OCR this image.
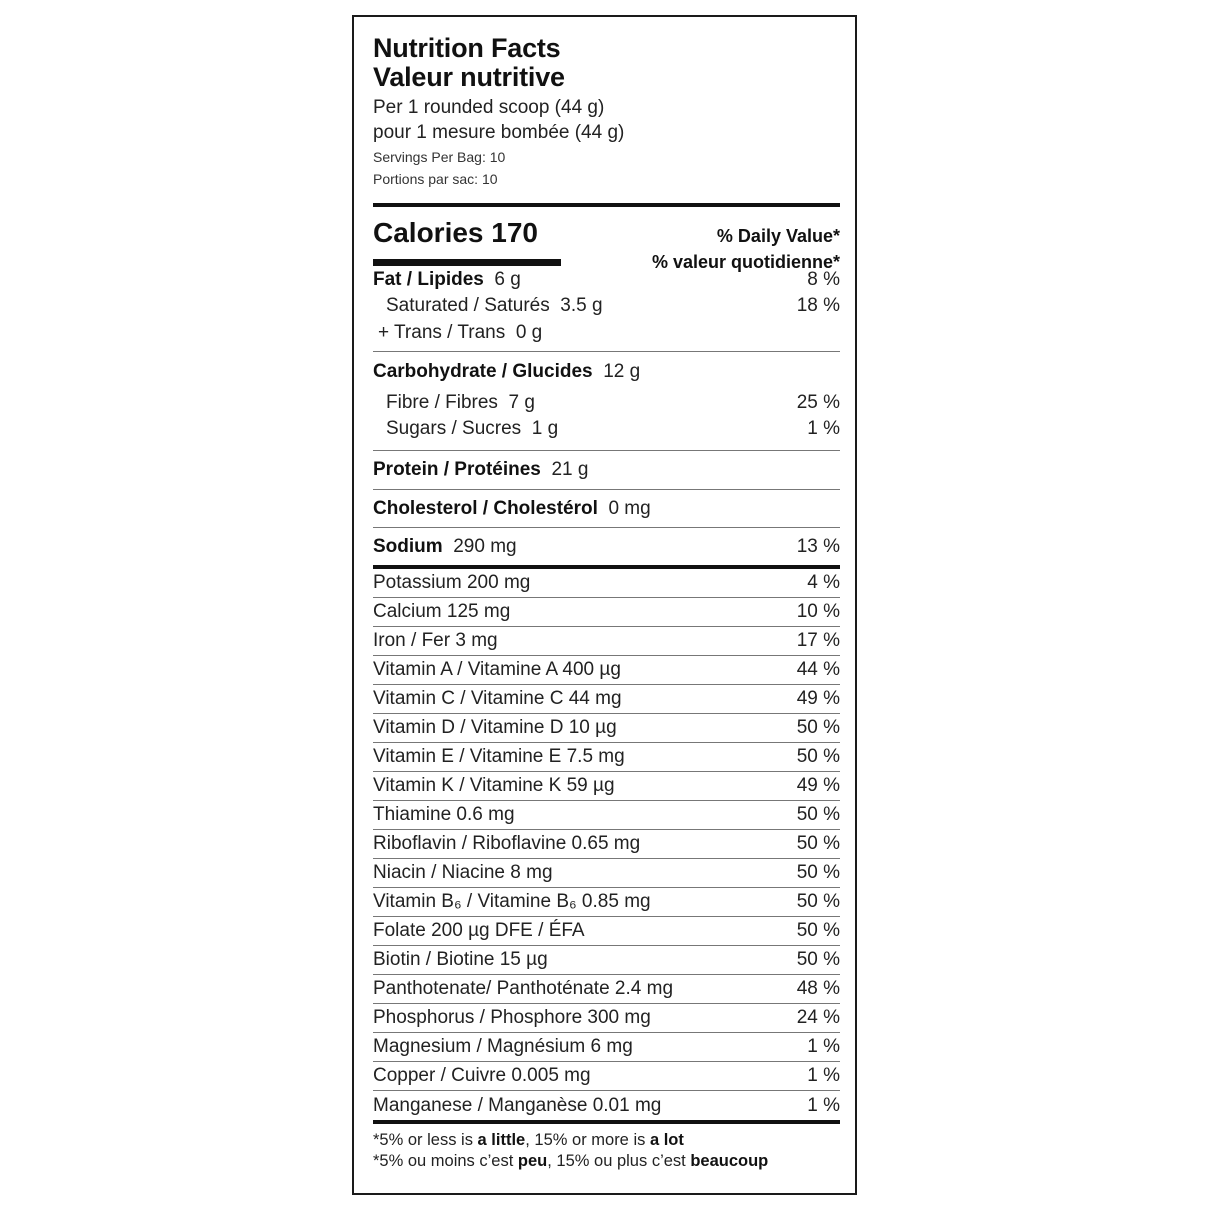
Nutrition Facts
Valeur nutritive
Per 1 rounded scoop (44 g)
pour 1 mesure bombée (44 g)
Servings Per Bag: 10
Portions par sac: 10
Calories 170	% Daily Value*
% valeur quotidienne*
Fat / Lipides 6 g	8 %
Saturated / Saturés 3.5 g	18 %
+ Trans / Trans 0 g
Carbohydrate / Glucides 12 g
Fibre / Fibres 7 g	25 %
Sugars / Sucres 1 g	1 %
Protein / Protéines 21 g
Cholesterol / Cholestérol 0 mg
Sodium 290 mg	13 %
Potassium 200 mg	4 %
Calcium 125 mg	10 %
Iron / Fer 3 mg	17 %
Vitamin A / Vitamine A 400 µg	44 %
Vitamin C / Vitamine C 44 mg	49 %
Vitamin D / Vitamine D 10 µg	50 %
Vitamin E / Vitamine E 7.5 mg	50 %
Vitamin K / Vitamine K 59 µg	49 %
Thiamine 0.6 mg	50 %
Riboflavin / Riboflavine 0.65 mg	50 %
Niacin / Niacine 8 mg	50 %
Vitamin B₆ / Vitamine B₆ 0.85 mg	50 %
Folate 200 µg DFE / ÉFA	50 %
Biotin / Biotine 15 µg	50 %
Panthotenate/ Panthoténate 2.4 mg	48 %
Phosphorus / Phosphore 300 mg	24 %
Magnesium / Magnésium 6 mg	1 %
Copper / Cuivre 0.005 mg	1 %
Manganese / Manganèse 0.01 mg	1 %
*5% or less is a little, 15% or more is a lot
*5% ou moins c’est peu, 15% ou plus c’est beaucoup
